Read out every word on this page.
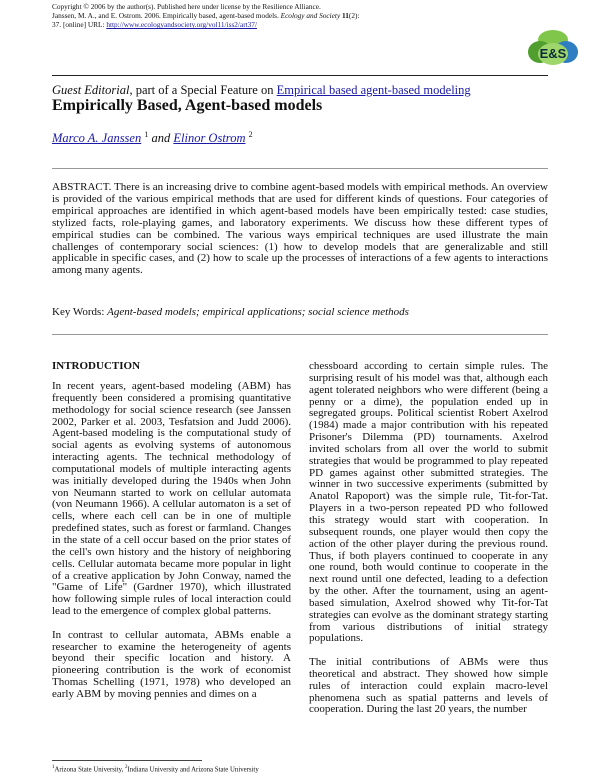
Copyright © 2006 by the author(s). Published here under license by the Resilience Alliance.
Janssen, M. A., and E. Ostrom. 2006. Empirically based, agent-based models. Ecology and Society 11(2):
37. [online] URL: http://www.ecologyandsociety.org/vol11/iss2/art37/
E&S
Guest Editorial, part of a Special Feature on Empirical based agent-based modeling
Empirically Based, Agent-based models
Marco A. Janssen $^1$ and Elinor Ostrom $^2$
ABSTRACT. There is an increasing drive to combine agent-based models with empirical methods. An overview is provided of the various empirical methods that are used for different kinds of questions. Four categories of empirical approaches are identified in which agent-based models have been empirically tested: case studies, stylized facts, role-playing games, and laboratory experiments. We discuss how these different types of empirical studies can be combined. The various ways empirical techniques are used illustrate the main challenges of contemporary social sciences: (1) how to develop models that are generalizable and still applicable in specific cases, and (2) how to scale up the processes of interactions of a few agents to interactions among many agents.
Key Words: Agent-based models; empirical applications; social science methods
INTRODUCTION

In recent years, agent-based modeling (ABM) has frequently been considered a promising quantitative methodology for social science research (see Janssen 2002, Parker et al. 2003, Tesfatsion and Judd 2006). Agent-based modeling is the computational study of social agents as evolving systems of autonomous interacting agents. The technical methodology of computational models of multiple interacting agents was initially developed during the 1940s when John von Neumann started to work on cellular automata (von Neumann 1966). A cellular automaton is a set of cells, where each cell can be in one of multiple predefined states, such as forest or farmland. Changes in the state of a cell occur based on the prior states of the cell's own history and the history of neighboring cells. Cellular automata became more popular in light of a creative application by John Conway, named the "Game of Life" (Gardner 1970), which illustrated how following simple rules of local interaction could lead to the emergence of complex global patterns.

In contrast to cellular automata, ABMs enable a researcher to examine the heterogeneity of agents beyond their specific location and history. A pioneering contribution is the work of economist Thomas Schelling (1971, 1978) who developed an early ABM by moving pennies and dimes on a

chessboard according to certain simple rules. The surprising result of his model was that, although each agent tolerated neighbors who were different (being a penny or a dime), the population ended up in segregated groups. Political scientist Robert Axelrod (1984) made a major contribution with his repeated Prisoner's Dilemma (PD) tournaments. Axelrod invited scholars from all over the world to submit strategies that would be programmed to play repeated PD games against other submitted strategies. The winner in two successive experiments (submitted by Anatol Rapoport) was the simple rule, Tit-for-Tat. Players in a two-person repeated PD who followed this strategy would start with cooperation. In subsequent rounds, one player would then copy the action of the other player during the previous round. Thus, if both players continued to cooperate in any one round, both would continue to cooperate in the next round until one defected, leading to a defection by the other. After the tournament, using an agent-based simulation, Axelrod showed why Tit-for-Tat strategies can evolve as the dominant strategy starting from various distributions of initial strategy populations.

The initial contributions of ABMs were thus theoretical and abstract. They showed how simple rules of interaction could explain macro-level phenomena such as spatial patterns and levels of cooperation. During the last 20 years, the number

$^1$Arizona State University, $^2$Indiana University and Arizona State University
